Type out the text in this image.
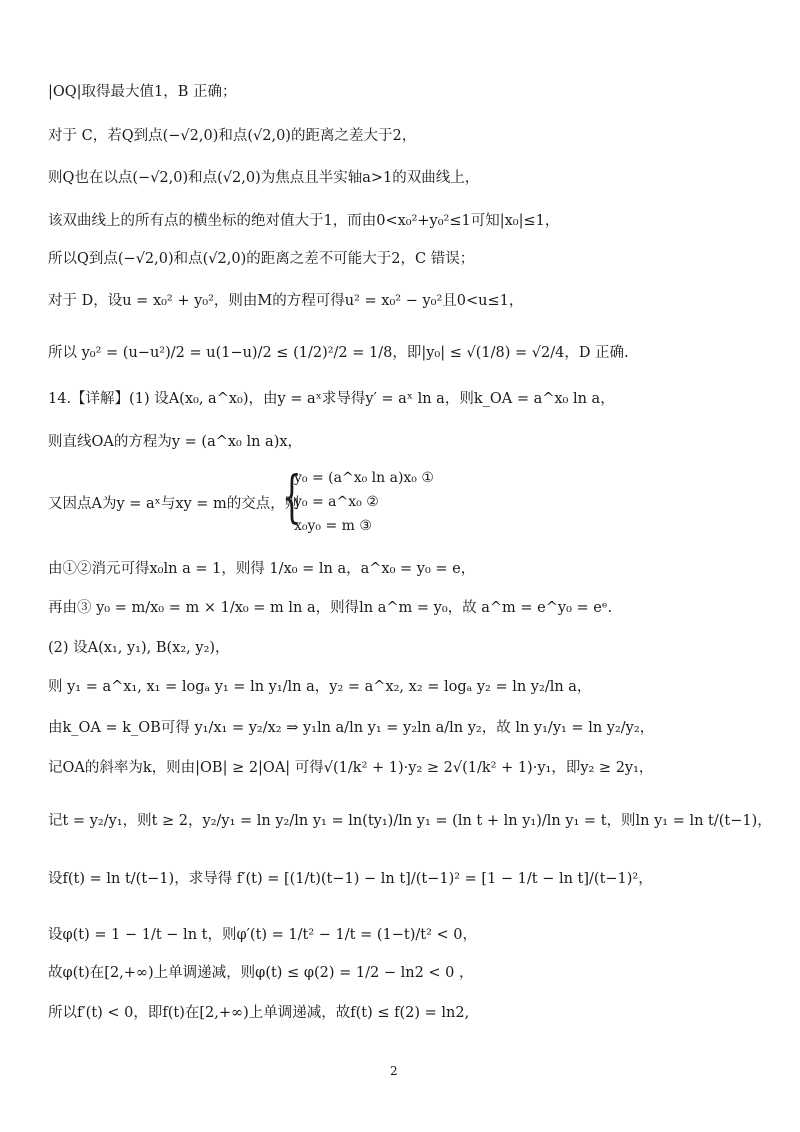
|OQ|取得最大值1，B 正确；
对于 C，若Q到点(−√2,0)和点(√2,0)的距离之差大于2，
则Q也在以点(−√2,0)和点(√2,0)为焦点且半实轴a>1的双曲线上，
该双曲线上的所有点的横坐标的绝对值大于1，而由0<x₀²+y₀²≤1可知|x₀|≤1，
所以Q到点(−√2,0)和点(√2,0)的距离之差不可能大于2，C 错误；
对于 D，设u = x₀² + y₀²，则由M的方程可得u² = x₀² − y₀²且0<u≤1，
所以 y₀² = (u−u²)/2 = u(1−u)/2 ≤ (1/2)²/2 = 1/8，即|y₀| ≤ √(1/8) = √2/4，D 正确.
14.【详解】(1) 设A(x₀, a^x₀)，由y = aˣ求导得y′ = aˣ ln a，则k_OA = a^x₀ ln a，
则直线OA的方程为y = (a^x₀ ln a)x，
又因点A为y = aˣ与xy = m的交点，则
{
y₀ = (a^x₀ ln a)x₀ ①
y₀ = a^x₀ ②
x₀y₀ = m ③
由①②消元可得x₀ln a = 1，则得 1/x₀ = ln a，a^x₀ = y₀ = e，
再由③ y₀ = m/x₀ = m × 1/x₀ = m ln a，则得ln a^m = y₀，故 a^m = e^y₀ = eᵉ.
(2) 设A(x₁, y₁), B(x₂, y₂)，
则 y₁ = a^x₁, x₁ = logₐ y₁ = ln y₁/ln a，y₂ = a^x₂, x₂ = logₐ y₂ = ln y₂/ln a，
由k_OA = k_OB可得 y₁/x₁ = y₂/x₂ ⇒ y₁ln a/ln y₁ = y₂ln a/ln y₂，故 ln y₁/y₁ = ln y₂/y₂，
记OA的斜率为k，则由|OB| ≥ 2|OA| 可得√(1/k² + 1)·y₂ ≥ 2√(1/k² + 1)·y₁，即y₂ ≥ 2y₁，
记t = y₂/y₁，则t ≥ 2，y₂/y₁ = ln y₂/ln y₁ = ln(ty₁)/ln y₁ = (ln t + ln y₁)/ln y₁ = t，则ln y₁ = ln t/(t−1)，
设f(t) = ln t/(t−1)，求导得 f′(t) = [(1/t)(t−1) − ln t]/(t−1)² = [1 − 1/t − ln t]/(t−1)²，
设φ(t) = 1 − 1/t − ln t，则φ′(t) = 1/t² − 1/t = (1−t)/t² < 0，
故φ(t)在[2,+∞)上单调递减，则φ(t) ≤ φ(2) = 1/2 − ln2 < 0 ，
所以f′(t) < 0，即f(t)在[2,+∞)上单调递减，故f(t) ≤ f(2) = ln2,
2
